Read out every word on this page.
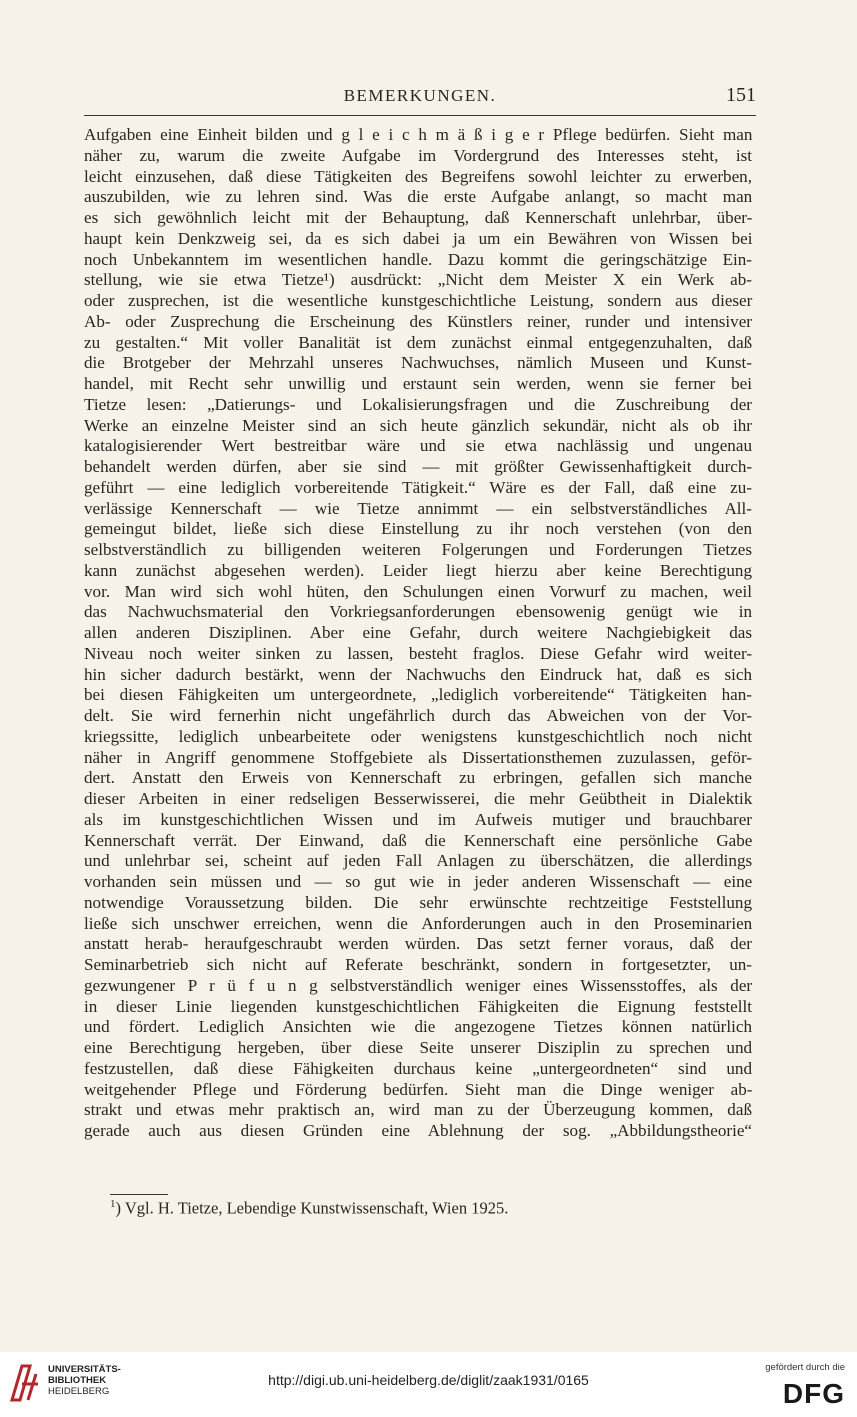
BEMERKUNGEN.	151
Aufgaben eine Einheit bilden und g l e i c h m ä ß i g e r Pflege bedürfen. Sieht man
näher zu, warum die zweite Aufgabe im Vordergrund des Interesses steht, ist
leicht einzusehen, daß diese Tätigkeiten des Begreifens sowohl leichter zu erwerben,
auszubilden, wie zu lehren sind. Was die erste Aufgabe anlangt, so macht man
es sich gewöhnlich leicht mit der Behauptung, daß Kennerschaft unlehrbar, über-
haupt kein Denkzweig sei, da es sich dabei ja um ein Bewähren von Wissen bei
noch Unbekanntem im wesentlichen handle. Dazu kommt die geringschätzige Ein-
stellung, wie sie etwa Tietze¹) ausdrückt: „Nicht dem Meister X ein Werk ab-
oder zusprechen, ist die wesentliche kunstgeschichtliche Leistung, sondern aus dieser
Ab- oder Zusprechung die Erscheinung des Künstlers reiner, runder und intensiver
zu gestalten.“ Mit voller Banalität ist dem zunächst einmal entgegenzuhalten, daß
die Brotgeber der Mehrzahl unseres Nachwuchses, nämlich Museen und Kunst-
handel, mit Recht sehr unwillig und erstaunt sein werden, wenn sie ferner bei
Tietze lesen: „Datierungs- und Lokalisierungsfragen und die Zuschreibung der
Werke an einzelne Meister sind an sich heute gänzlich sekundär, nicht als ob ihr
katalogisierender Wert bestreitbar wäre und sie etwa nachlässig und ungenau
behandelt werden dürfen, aber sie sind — mit größter Gewissenhaftigkeit durch-
geführt — eine lediglich vorbereitende Tätigkeit.“ Wäre es der Fall, daß eine zu-
verlässige Kennerschaft — wie Tietze annimmt — ein selbstverständliches All-
gemeingut bildet, ließe sich diese Einstellung zu ihr noch verstehen (von den
selbstverständlich zu billigenden weiteren Folgerungen und Forderungen Tietzes
kann zunächst abgesehen werden). Leider liegt hierzu aber keine Berechtigung
vor. Man wird sich wohl hüten, den Schulungen einen Vorwurf zu machen, weil
das Nachwuchsmaterial den Vorkriegsanforderungen ebensowenig genügt wie in
allen anderen Disziplinen. Aber eine Gefahr, durch weitere Nachgiebigkeit das
Niveau noch weiter sinken zu lassen, besteht fraglos. Diese Gefahr wird weiter-
hin sicher dadurch bestärkt, wenn der Nachwuchs den Eindruck hat, daß es sich
bei diesen Fähigkeiten um untergeordnete, „lediglich vorbereitende“ Tätigkeiten han-
delt. Sie wird fernerhin nicht ungefährlich durch das Abweichen von der Vor-
kriegssitte, lediglich unbearbeitete oder wenigstens kunstgeschichtlich noch nicht
näher in Angriff genommene Stoffgebiete als Dissertationsthemen zuzulassen, geför-
dert. Anstatt den Erweis von Kennerschaft zu erbringen, gefallen sich manche
dieser Arbeiten in einer redseligen Besserwisserei, die mehr Geübtheit in Dialektik
als im kunstgeschichtlichen Wissen und im Aufweis mutiger und brauchbarer
Kennerschaft verrät. Der Einwand, daß die Kennerschaft eine persönliche Gabe
und unlehrbar sei, scheint auf jeden Fall Anlagen zu überschätzen, die allerdings
vorhanden sein müssen und — so gut wie in jeder anderen Wissenschaft — eine
notwendige Voraussetzung bilden. Die sehr erwünschte rechtzeitige Feststellung
ließe sich unschwer erreichen, wenn die Anforderungen auch in den Proseminarien
anstatt herab- heraufgeschraubt werden würden. Das setzt ferner voraus, daß der
Seminarbetrieb sich nicht auf Referate beschränkt, sondern in fortgesetzter, un-
gezwungener P r ü f u n g selbstverständlich weniger eines Wissensstoffes, als der
in dieser Linie liegenden kunstgeschichtlichen Fähigkeiten die Eignung feststellt
und fördert. Lediglich Ansichten wie die angezogene Tietzes können natürlich
eine Berechtigung hergeben, über diese Seite unserer Disziplin zu sprechen und
festzustellen, daß diese Fähigkeiten durchaus keine „untergeordneten“ sind und
weitgehender Pflege und Förderung bedürfen. Sieht man die Dinge weniger ab-
strakt und etwas mehr praktisch an, wird man zu der Überzeugung kommen, daß
gerade auch aus diesen Gründen eine Ablehnung der sog. „Abbildungstheorie“
$^1$) Vgl. H. Tietze, Lebendige Kunstwissenschaft, Wien 1925.
UNIVERSITÄTS-
BIBLIOTHEK
HEIDELBERG
http://digi.ub.uni-heidelberg.de/diglit/zaak1931/0165
gefördert durch die
DFG
